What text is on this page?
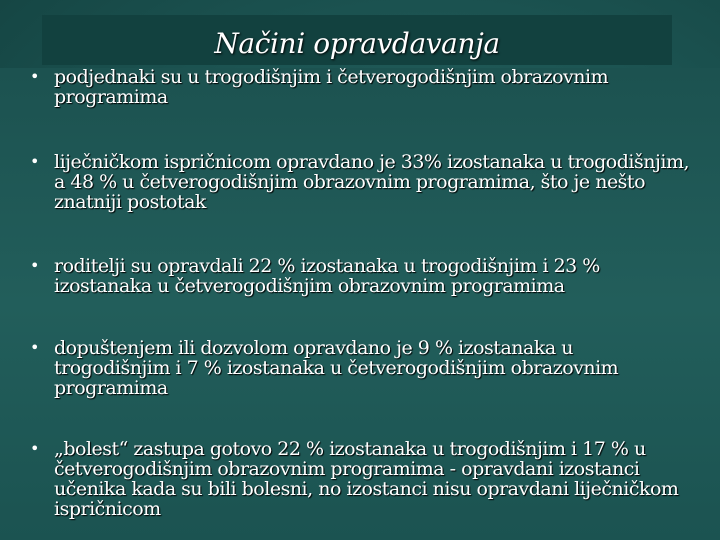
Načini opravdavanja
• podjednaki su u trogodišnjim i četverogodišnjim obrazovnim programima
• liječničkom ispričnicom opravdano je 33% izostanaka u trogodišnjim, a 48 % u četverogodišnjim obrazovnim programima, što je nešto znatniji postotak
• roditelji su opravdali 22 % izostanaka u trogodišnjim i 23 % izostanaka u četverogodišnjim obrazovnim programima
• dopuštenjem ili dozvolom opravdano je 9 % izostanaka u trogodišnjim i 7 % izostanaka u četverogodišnjim obrazovnim programima
• „bolest“ zastupa gotovo 22 % izostanaka u trogodišnjim i 17 % u četverogodišnjim obrazovnim programima - opravdani izostanci učenika kada su bili bolesni, no izostanci nisu opravdani liječničkom ispričnicom
